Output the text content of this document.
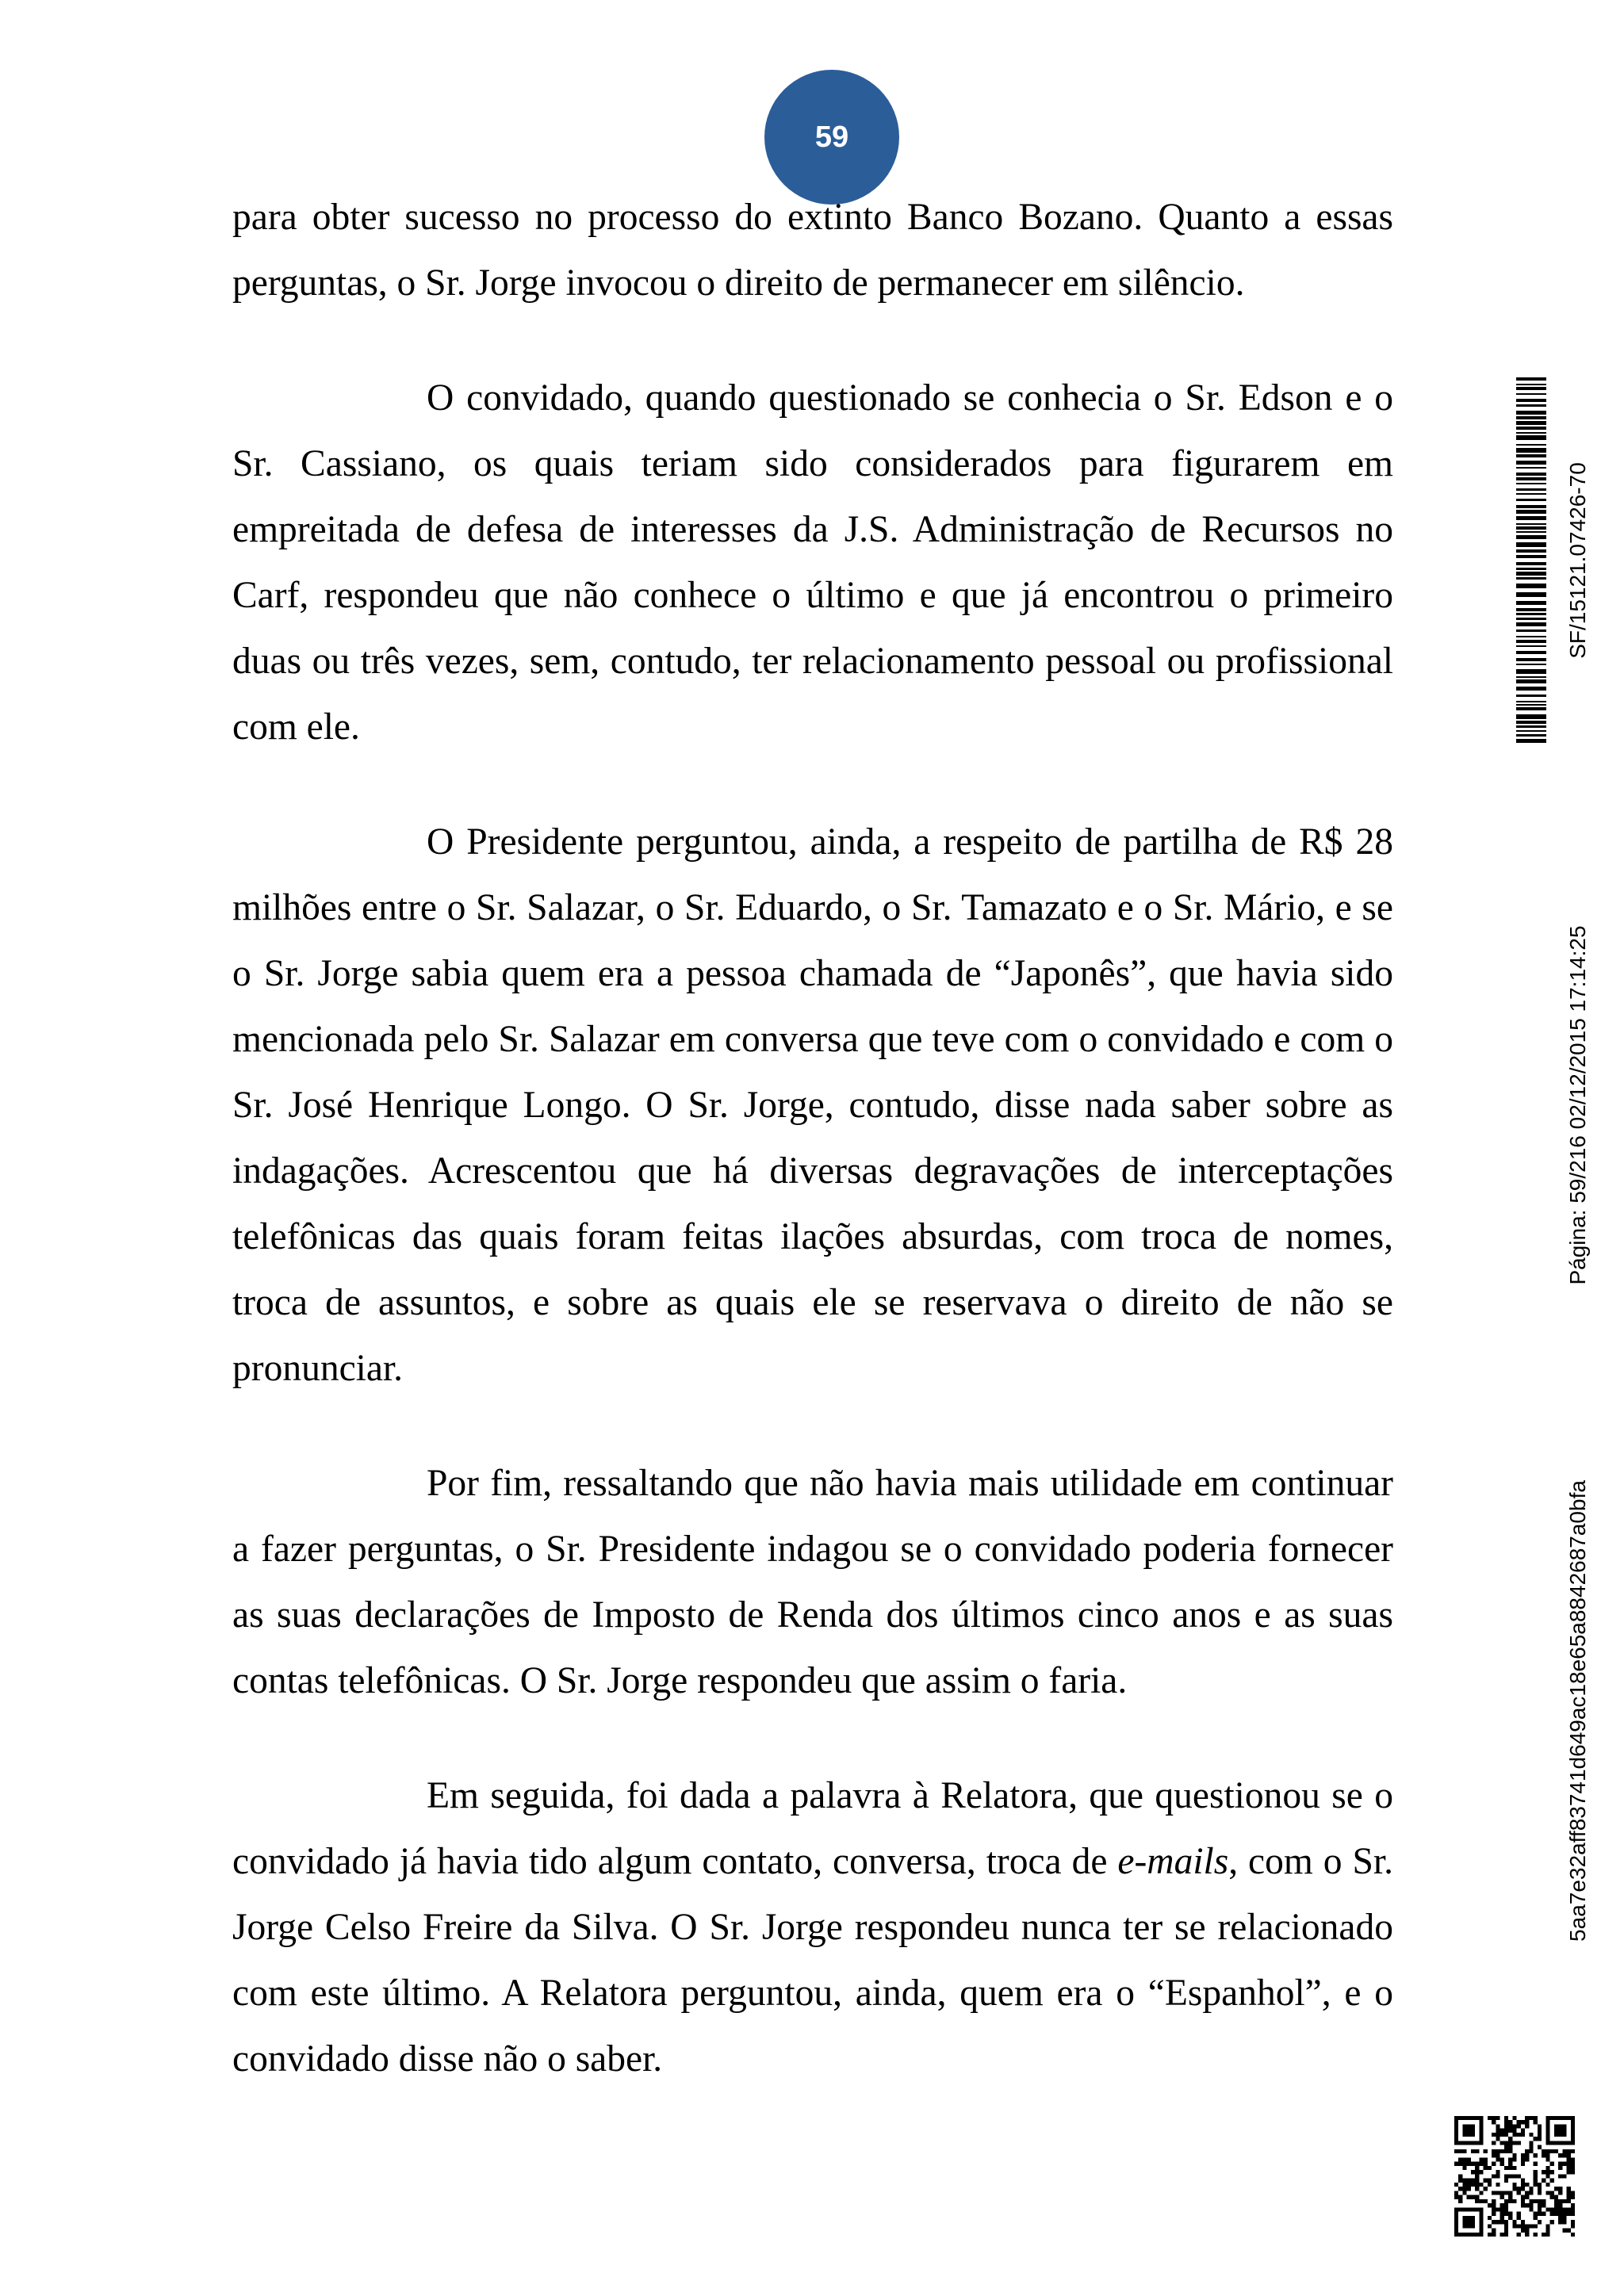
59

para obter sucesso no processo do extinto Banco Bozano. Quanto a essas perguntas, o Sr. Jorge invocou o direito de permanecer em silêncio.

O convidado, quando questionado se conhecia o Sr. Edson e o Sr. Cassiano, os quais teriam sido considerados para figurarem em empreitada de defesa de interesses da J.S. Administração de Recursos no Carf, respondeu que não conhece o último e que já encontrou o primeiro duas ou três vezes, sem, contudo, ter relacionamento pessoal ou profissional com ele.

O Presidente perguntou, ainda, a respeito de partilha de R$ 28 milhões entre o Sr. Salazar, o Sr. Eduardo, o Sr. Tamazato e o Sr. Mário, e se o Sr. Jorge sabia quem era a pessoa chamada de “Japonês”, que havia sido mencionada pelo Sr. Salazar em conversa que teve com o convidado e com o Sr. José Henrique Longo. O Sr. Jorge, contudo, disse nada saber sobre as indagações. Acrescentou que há diversas degravações de interceptações telefônicas das quais foram feitas ilações absurdas, com troca de nomes, troca de assuntos, e sobre as quais ele se reservava o direito de não se pronunciar.

Por fim, ressaltando que não havia mais utilidade em continuar a fazer perguntas, o Sr. Presidente indagou se o convidado poderia fornecer as suas declarações de Imposto de Renda dos últimos cinco anos e as suas contas telefônicas. O Sr. Jorge respondeu que assim o faria.

Em seguida, foi dada a palavra à Relatora, que questionou se o convidado já havia tido algum contato, conversa, troca de e-mails, com o Sr. Jorge Celso Freire da Silva. O Sr. Jorge respondeu nunca ter se relacionado com este último. A Relatora perguntou, ainda, quem era o “Espanhol”, e o convidado disse não o saber.

SF/15121.07426-70
Página: 59/216 02/12/2015 17:14:25
5aa7e32aff83741d649ac18e65a8842687a0bfa
